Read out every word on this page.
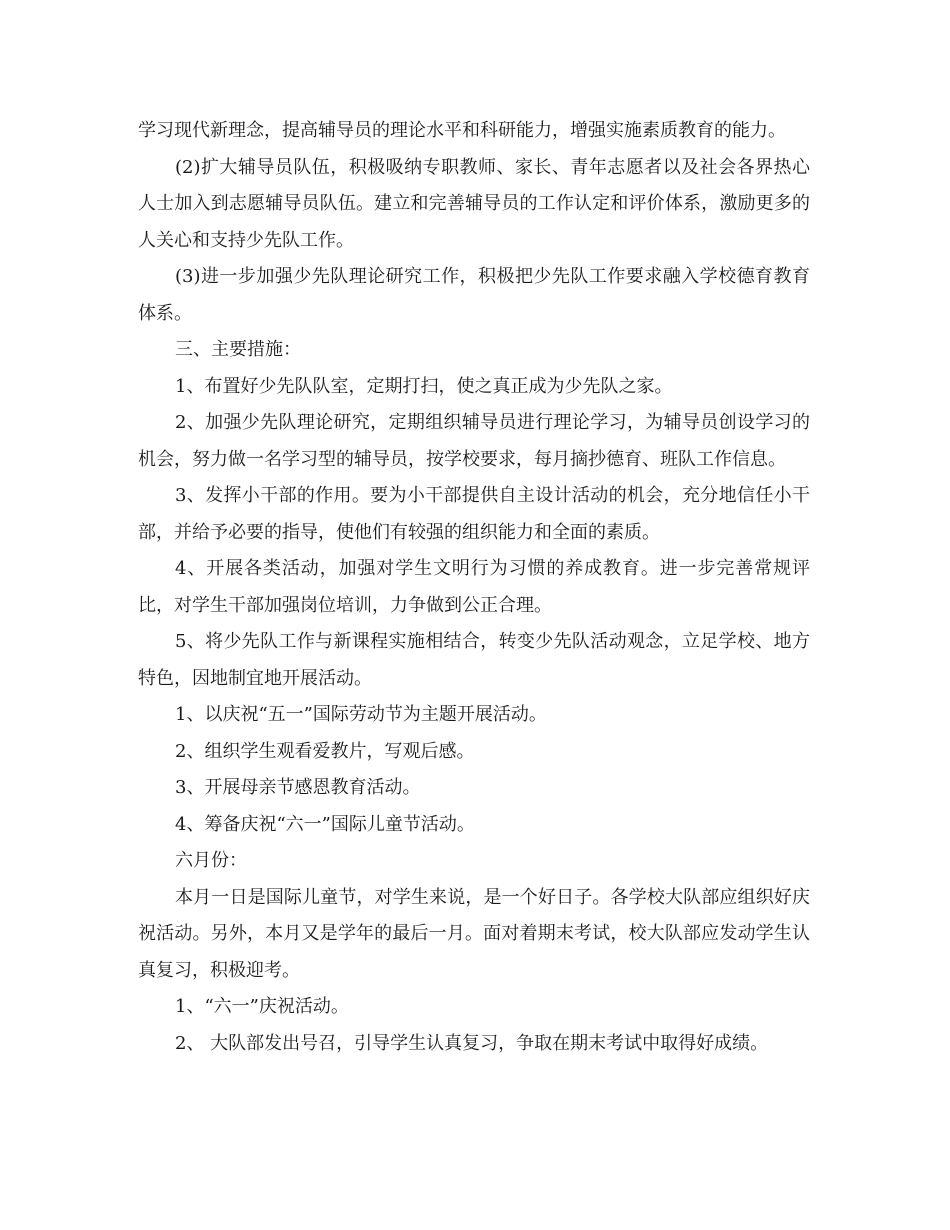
学习现代新理念，提高辅导员的理论水平和科研能力，增强实施素质教育的能力。

(2)扩大辅导员队伍，积极吸纳专职教师、家长、青年志愿者以及社会各界热心人士加入到志愿辅导员队伍。建立和完善辅导员的工作认定和评价体系，激励更多的人关心和支持少先队工作。

(3)进一步加强少先队理论研究工作，积极把少先队工作要求融入学校德育教育体系。

三、主要措施：

1、布置好少先队队室，定期打扫，使之真正成为少先队之家。

2、加强少先队理论研究，定期组织辅导员进行理论学习，为辅导员创设学习的机会，努力做一名学习型的辅导员，按学校要求，每月摘抄德育、班队工作信息。

3、发挥小干部的作用。要为小干部提供自主设计活动的机会，充分地信任小干部，并给予必要的指导，使他们有较强的组织能力和全面的素质。

4、开展各类活动，加强对学生文明行为习惯的养成教育。进一步完善常规评比，对学生干部加强岗位培训，力争做到公正合理。

5、将少先队工作与新课程实施相结合，转变少先队活动观念，立足学校、地方特色，因地制宜地开展活动。

1、以庆祝“五一”国际劳动节为主题开展活动。

2、组织学生观看爱教片，写观后感。

3、开展母亲节感恩教育活动。

4、筹备庆祝“六一”国际儿童节活动。

六月份：

本月一日是国际儿童节，对学生来说，是一个好日子。各学校大队部应组织好庆祝活动。另外，本月又是学年的最后一月。面对着期末考试，校大队部应发动学生认真复习，积极迎考。

1、“六一”庆祝活动。

2、 大队部发出号召，引导学生认真复习，争取在期末考试中取得好成绩。
